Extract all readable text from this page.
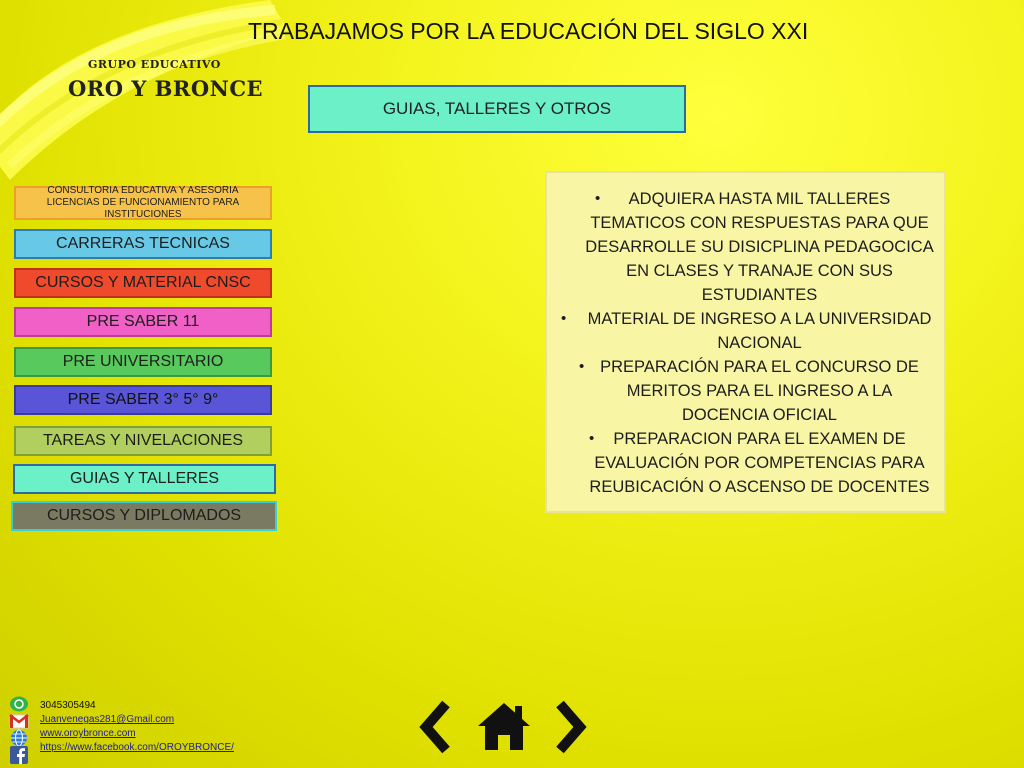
GRUPO EDUCATIVO
ORO Y BRONCE
TRABAJAMOS POR LA EDUCACIÓN DEL SIGLO XXI
GUIAS, TALLERES Y OTROS
CONSULTORIA EDUCATIVA Y ASESORIA LICENCIAS DE FUNCIONAMIENTO PARA INSTITUCIONES
CARRERAS TECNICAS
CURSOS Y MATERIAL CNSC
PRE SABER 11
PRE UNIVERSITARIO
PRE SABER 3° 5° 9°
TAREAS Y NIVELACIONES
GUIAS Y TALLERES
CURSOS Y DIPLOMADOS
• ADQUIERA HASTA MIL TALLERES TEMATICOS CON RESPUESTAS PARA QUE DESARROLLE SU DISICPLINA PEDAGOCICA EN CLASES Y TRANAJE CON SUS ESTUDIANTES
• MATERIAL DE INGRESO A LA UNIVERSIDAD NACIONAL
• PREPARACIÓN PARA EL CONCURSO DE MERITOS PARA EL INGRESO A LA DOCENCIA OFICIAL
• PREPARACION PARA EL EXAMEN DE EVALUACIÓN POR COMPETENCIAS PARA REUBICACIÓN O ASCENSO DE DOCENTES
3045305494
Juanvenegas281@Gmail.com
www.oroybronce.com
https://www.facebook.com/OROYBRONCE/
